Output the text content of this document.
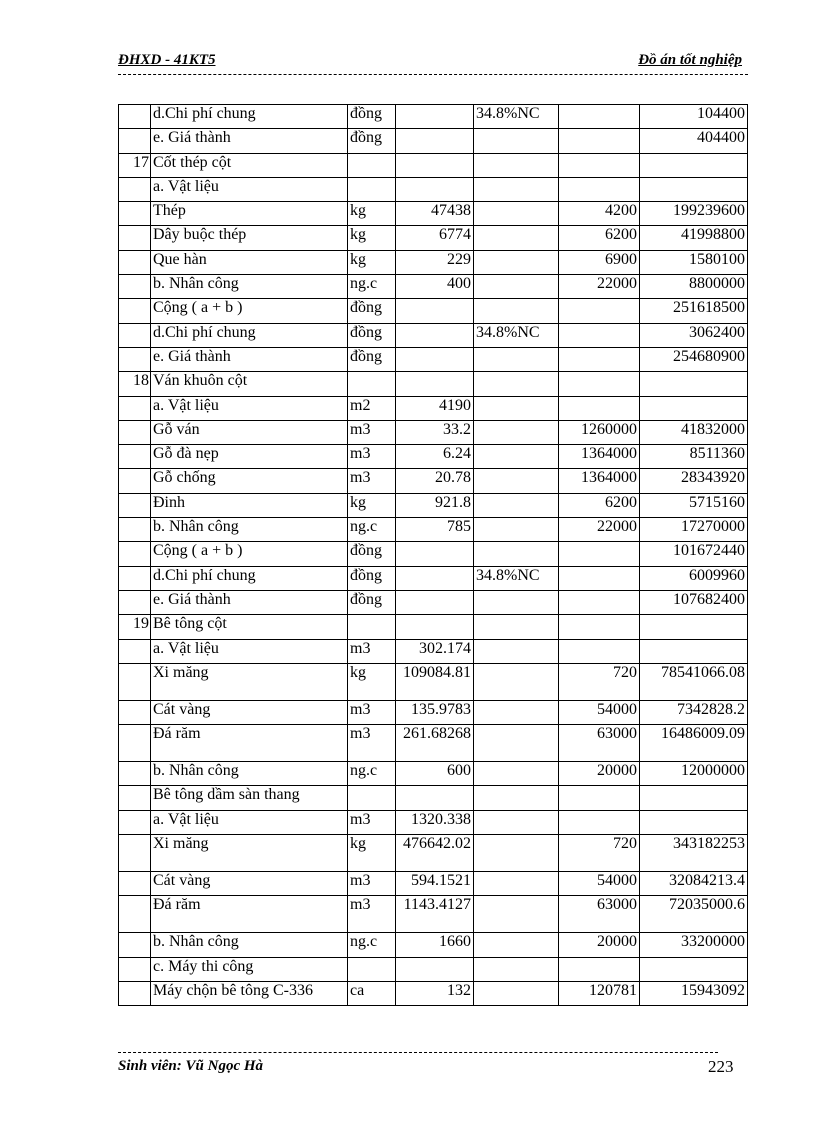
ĐHXD - 41KT5	Đồ án tốt nghiệp
	d.Chi phí chung	đồng		34.8%NC		104400
	e. Giá thành	đồng				404400
17	Cốt thép cột					
	a. Vật liệu					
	Thép	kg	47438		4200	199239600
	Dây buộc thép	kg	6774		6200	41998800
	Que hàn	kg	229		6900	1580100
	b. Nhân công	ng.c	400		22000	8800000
	Cộng ( a + b )	đồng				251618500
	d.Chi phí chung	đồng		34.8%NC		3062400
	e. Giá thành	đồng				254680900
18	Ván khuôn cột					
	a. Vật liệu	m2	4190			
	Gỗ ván	m3	33.2		1260000	41832000
	Gỗ đà nẹp	m3	6.24		1364000	8511360
	Gỗ chống	m3	20.78		1364000	28343920
	Đinh	kg	921.8		6200	5715160
	b. Nhân công	ng.c	785		22000	17270000
	Cộng ( a + b )	đồng				101672440
	d.Chi phí chung	đồng		34.8%NC		6009960
	e. Giá thành	đồng				107682400
19	Bê tông cột					
	a. Vật liệu	m3	302.174			
	Xi măng	kg	109084.81		720	78541066.08
	Cát vàng	m3	135.9783		54000	7342828.2
	Đá răm	m3	261.68268		63000	16486009.09
	b. Nhân công	ng.c	600		20000	12000000
	Bê tông dầm sàn thang					
	a. Vật liệu	m3	1320.338			
	Xi măng	kg	476642.02		720	343182253
	Cát vàng	m3	594.1521		54000	32084213.4
	Đá răm	m3	1143.4127		63000	72035000.6
	b. Nhân công	ng.c	1660		20000	33200000
	c. Máy thi công					
	Máy chộn bê tông C-336	ca	132		120781	15943092
Sinh viên: Vũ Ngọc Hà	223
